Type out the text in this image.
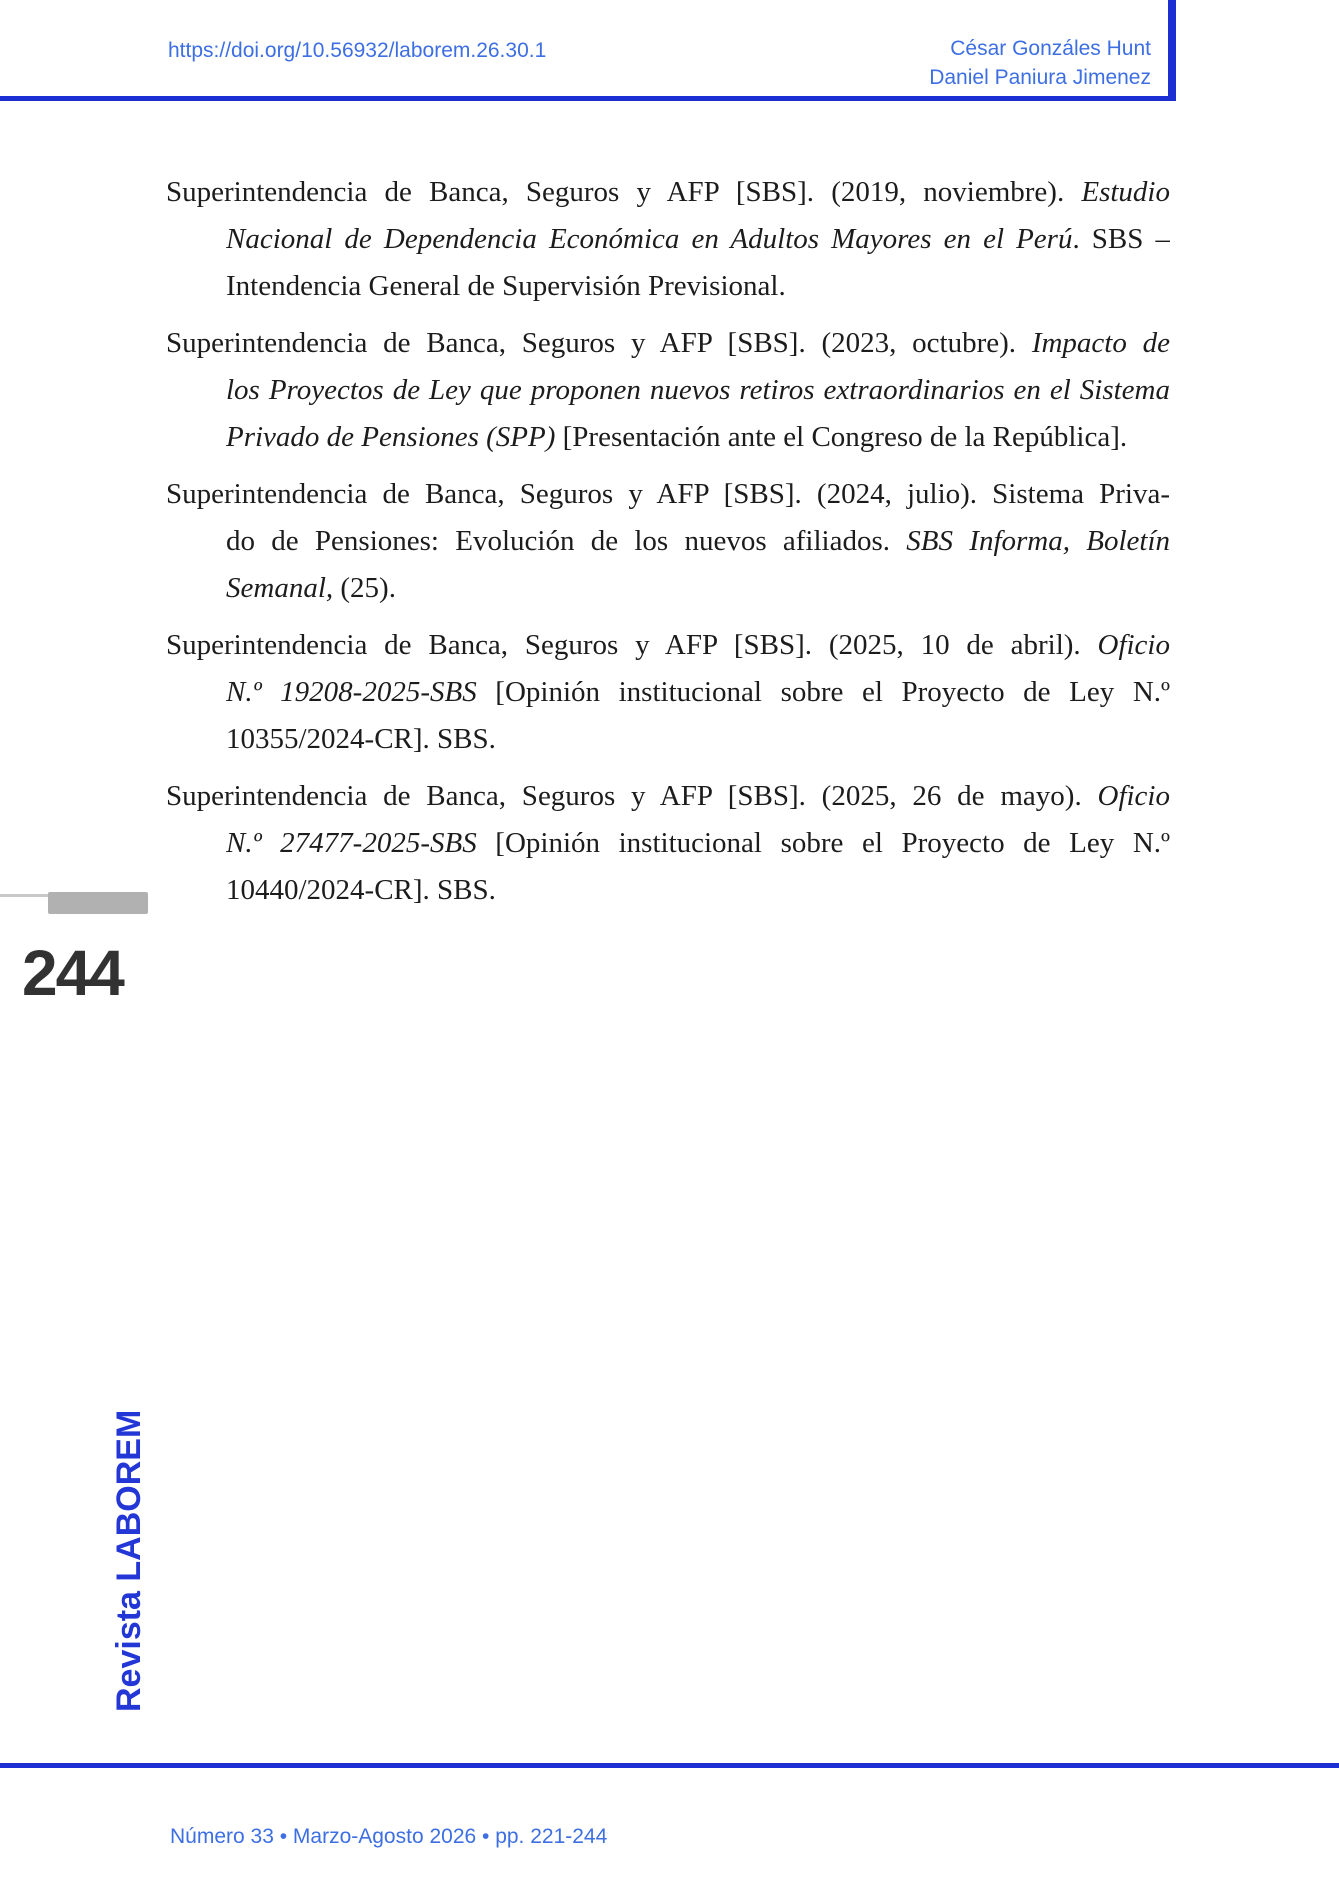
https://doi.org/10.56932/laborem.26.30.1	César Gonzáles Hunt
Daniel Paniura Jimenez
Superintendencia de Banca, Seguros y AFP [SBS]. (2019, noviembre). Estudio
Nacional de Dependencia Económica en Adultos Mayores en el Perú. SBS –
Intendencia General de Supervisión Previsional.
Superintendencia de Banca, Seguros y AFP [SBS]. (2023, octubre). Impacto de
los Proyectos de Ley que proponen nuevos retiros extraordinarios en el Sistema
Privado de Pensiones (SPP) [Presentación ante el Congreso de la República].
Superintendencia de Banca, Seguros y AFP [SBS]. (2024, julio). Sistema Priva-
do de Pensiones: Evolución de los nuevos afiliados. SBS Informa, Boletín
Semanal, (25).
Superintendencia de Banca, Seguros y AFP [SBS]. (2025, 10 de abril). Oficio
N.º 19208-2025-SBS [Opinión institucional sobre el Proyecto de Ley N.º
10355/2024-CR]. SBS.
Superintendencia de Banca, Seguros y AFP [SBS]. (2025, 26 de mayo). Oficio
N.º 27477-2025-SBS [Opinión institucional sobre el Proyecto de Ley N.º
10440/2024-CR]. SBS.
244
Revista LABOREM
Número 33 • Marzo-Agosto 2026 • pp. 221-244
